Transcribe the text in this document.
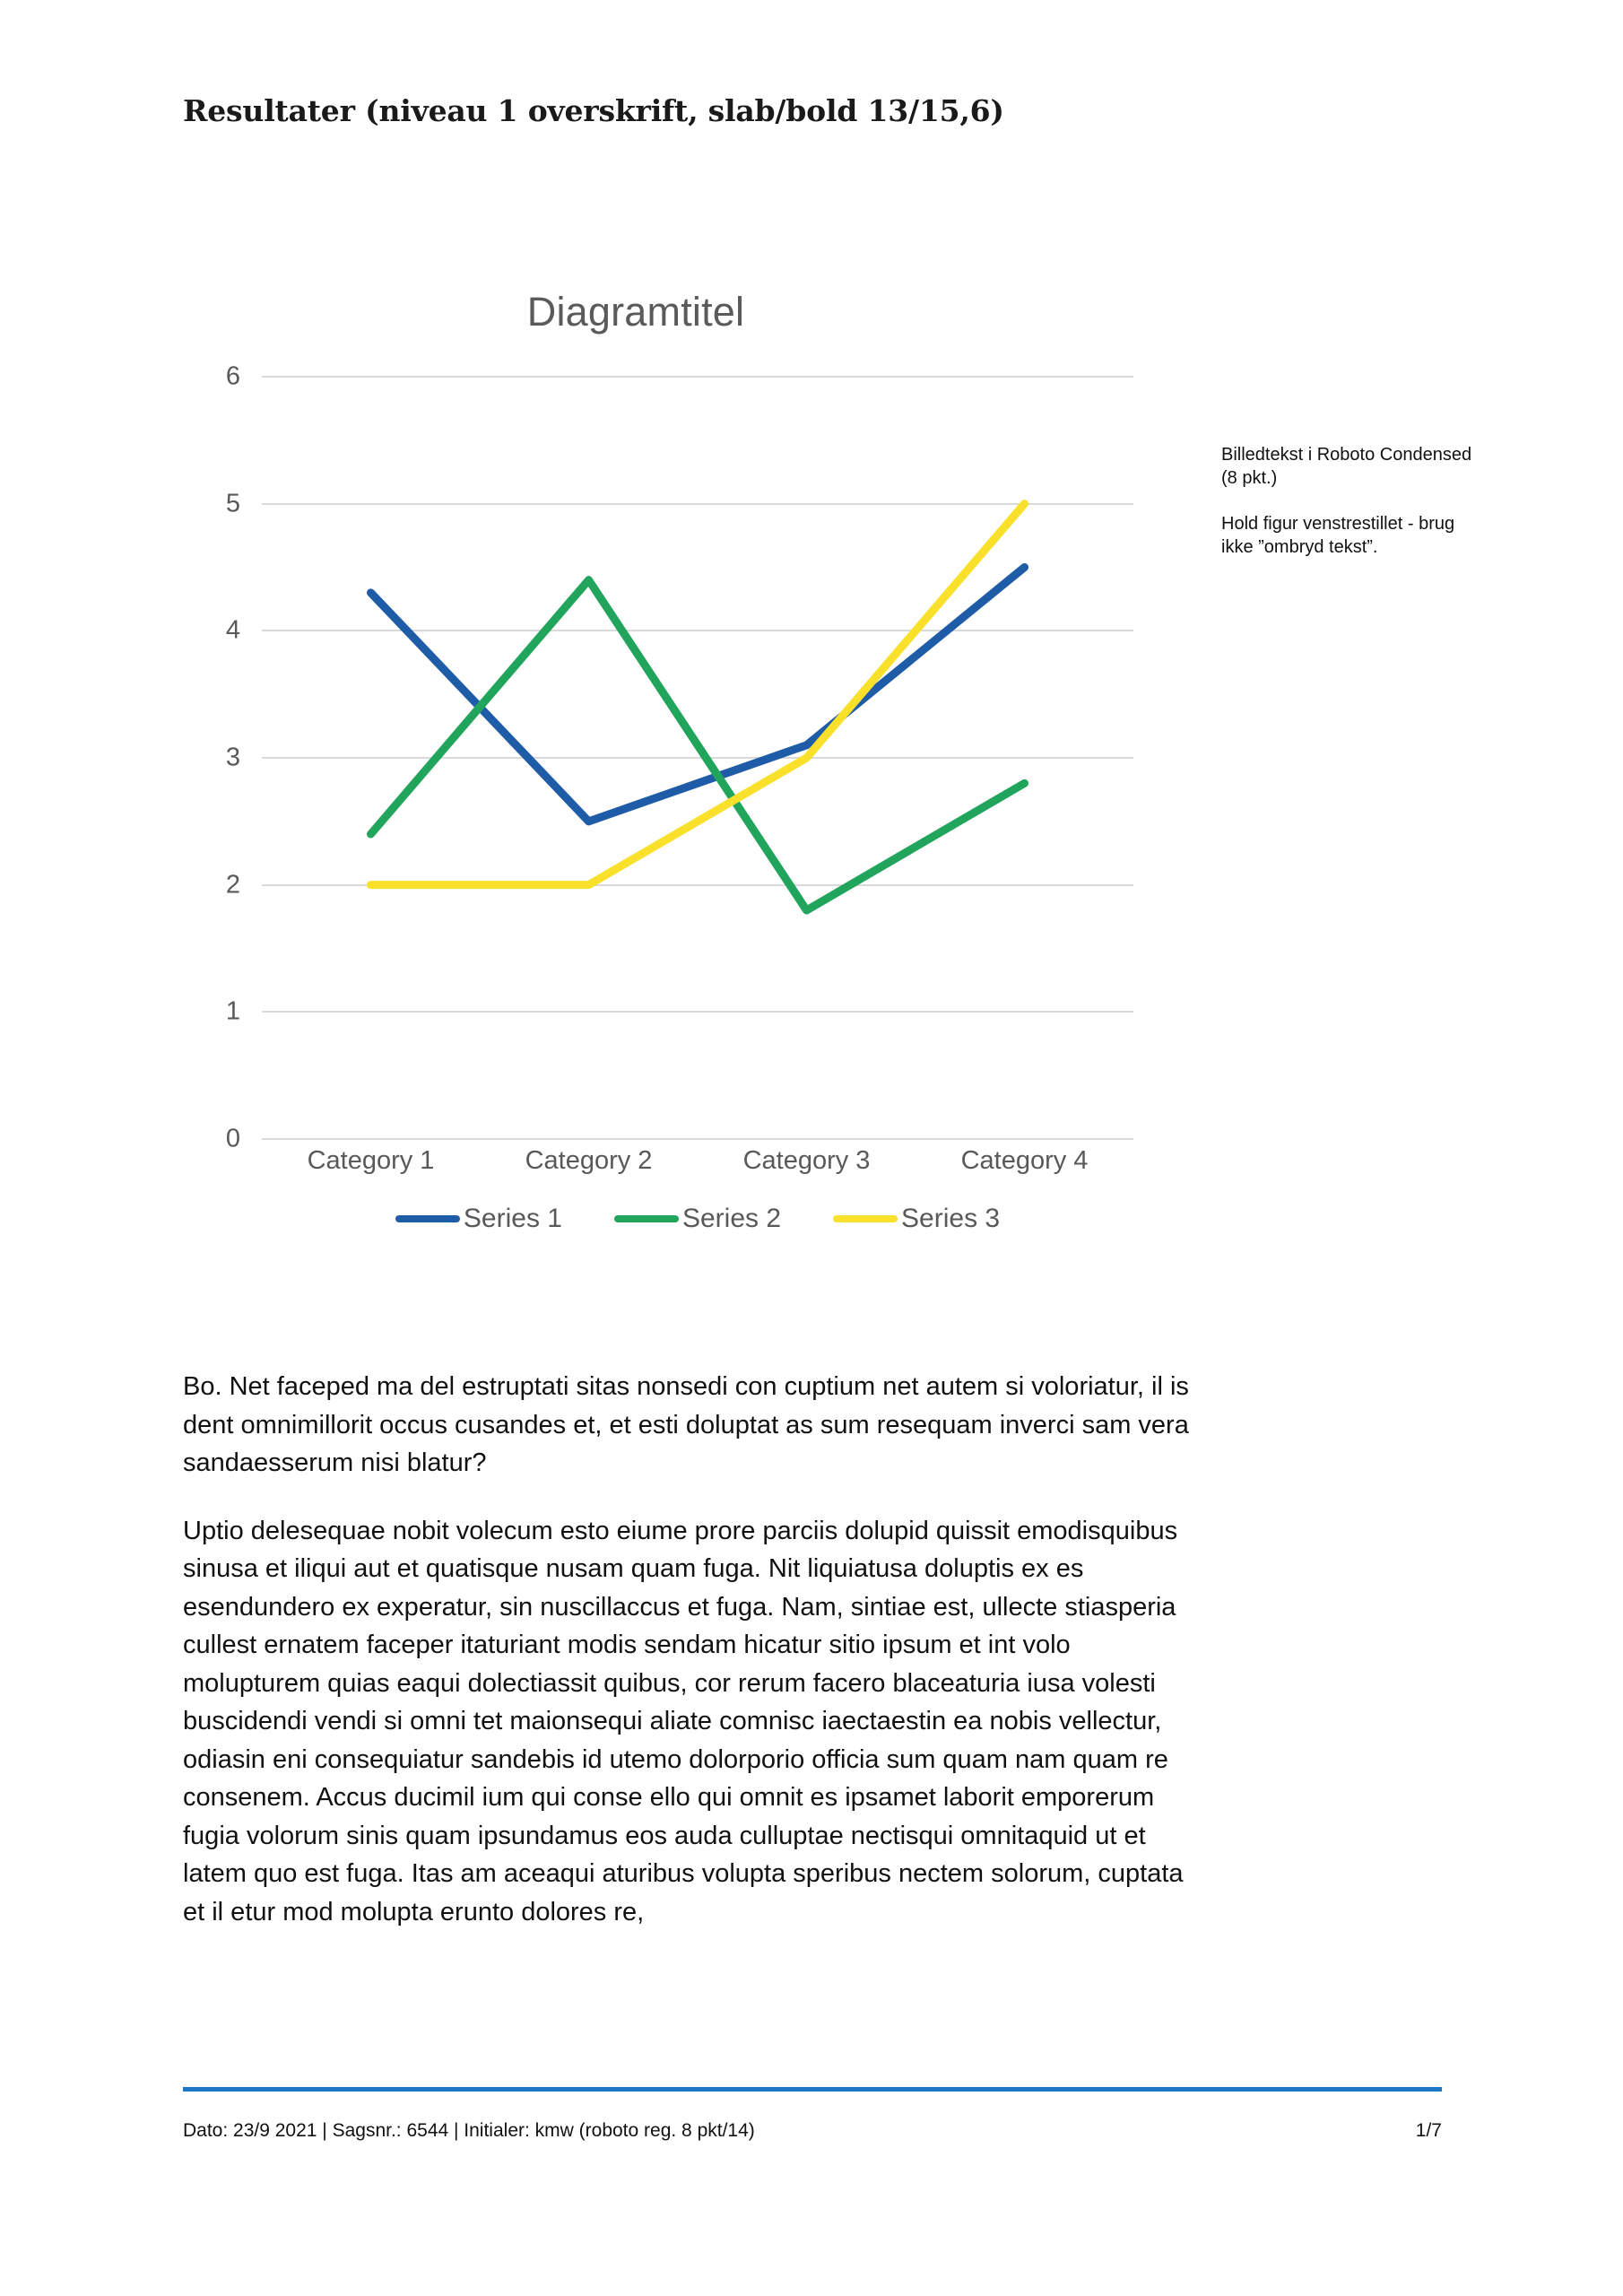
Resultater (niveau 1 overskrift, slab/bold 13/15,6)
Diagramtitel
6
5
4
3
2
1
0
Category 1	Category 2	Category 3	Category 4
Series 1	Series 2	Series 3

Billedtekst i Roboto Condensed (8 pkt.)

Hold figur venstrestillet - brug ikke ”ombryd tekst”.

Bo. Net faceped ma del estruptati sitas nonsedi con cuptium net autem si voloriatur, il is dent omnimillorit occus cusandes et, et esti doluptat as sum resequam inverci sam vera sandaesserum nisi blatur?

Uptio delesequae nobit volecum esto eiume prore parciis dolupid quissit emodisquibus sinusa et iliqui aut et quatisque nusam quam fuga. Nit liquiatusa doluptis ex es esendundero ex experatur, sin nuscillaccus et fuga. Nam, sintiae est, ullecte stiasperia cullest ernatem faceper itaturiant modis sendam hicatur sitio ipsum et int volo molupturem quias eaqui dolectiassit quibus, cor rerum facero blaceaturia iusa volesti buscidendi vendi si omni tet maionsequi aliate comnisc iaectaestin ea nobis vellectur, odiasin eni consequiatur sandebis id utemo dolorporio officia sum quam nam quam re consenem. Accus ducimil ium qui conse ello qui omnit es ipsamet laborit emporerum fugia volorum sinis quam ipsundamus eos auda culluptae nectisqui omnitaquid ut et latem quo est fuga. Itas am aceaqui aturibus volupta speribus nectem solorum, cuptata et il etur mod molupta erunto dolores re,

Dato: 23/9 2021 | Sagsnr.: 6544 | Initialer: kmw (roboto reg. 8 pkt/14)	1/7
